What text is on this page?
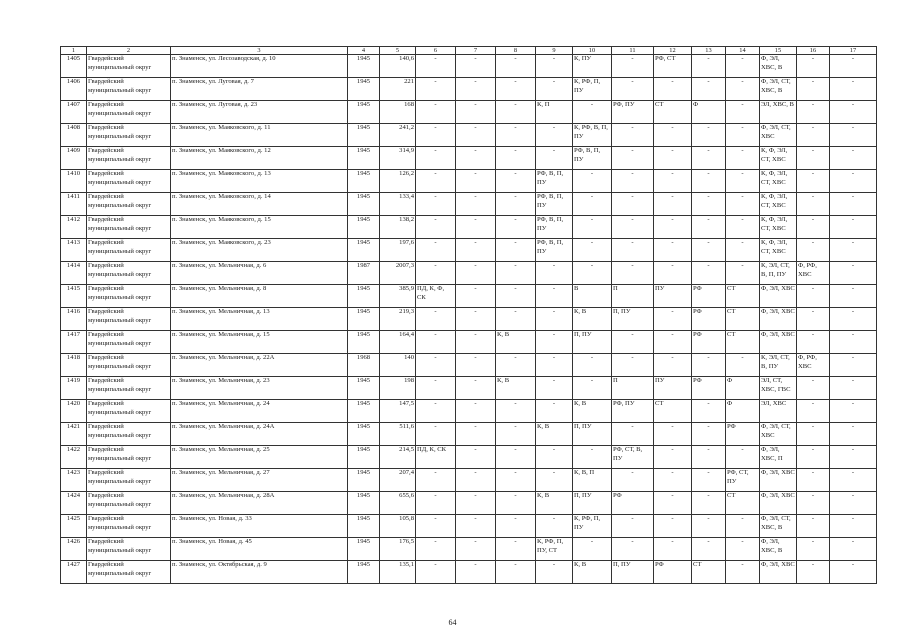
1	2	3	4	5	6	7	8	9	10	11	12	13	14	15	16	17
1405	Гвардейский муниципальный округ	п. Знаменск, ул. Лесозаводская, д. 10	1945	140,6	-	-	-	-	К, ПУ	-	РФ, СТ	-	-	Ф, ЭЛ, ХВС, В	-	-
1406	Гвардейский муниципальный округ	п. Знаменск, ул. Луговая, д. 7	1945	221	-	-	-	-	К, РФ, П, ПУ	-	-	-	-	Ф, ЭЛ, СТ, ХВС, В	-	-
1407	Гвардейский муниципальный округ	п. Знаменск, ул. Луговая, д. 23	1945	168	-	-	-	К, П	-	РФ, ПУ	СТ	Ф	-	ЭЛ, ХВС, В	-	-
1408	Гвардейский муниципальный округ	п. Знаменск, ул. Маяковского, д. 11	1945	241,2	-	-	-	-	К, РФ, В, П, ПУ	-	-	-	-	Ф, ЭЛ, СТ, ХВС	-	-
1409	Гвардейский муниципальный округ	п. Знаменск, ул. Маяковского, д. 12	1945	314,9	-	-	-	-	РФ, В, П, ПУ	-	-	-	-	К, Ф, ЭЛ, СТ, ХВС	-	-
1410	Гвардейский муниципальный округ	п. Знаменск, ул. Маяковского, д. 13	1945	126,2	-	-	-	РФ, В, П, ПУ	-	-	-	-	-	К, Ф, ЭЛ, СТ, ХВС	-	-
1411	Гвардейский муниципальный округ	п. Знаменск, ул. Маяковского, д. 14	1945	133,4	-	-	-	РФ, В, П, ПУ	-	-	-	-	-	К, Ф, ЭЛ, СТ, ХВС	-	-
1412	Гвардейский муниципальный округ	п. Знаменск, ул. Маяковского, д. 15	1945	138,2	-	-	-	РФ, В, П, ПУ	-	-	-	-	-	К, Ф, ЭЛ, СТ, ХВС	-	-
1413	Гвардейский муниципальный округ	п. Знаменск, ул. Маяковского, д. 23	1945	197,6	-	-	-	РФ, В, П, ПУ	-	-	-	-	-	К, Ф, ЭЛ, СТ, ХВС	-	-
1414	Гвардейский муниципальный округ	п. Знаменск, ул. Мельничная, д. 6	1987	2007,3	-	-	-	-	-	-	-	-	-	К, ЭЛ, СТ, В, П, ПУ	Ф, РФ, ХВС	-
1415	Гвардейский муниципальный округ	п. Знаменск, ул. Мельничная, д. 8	1945	385,9	ПД, К, Ф, СК	-	-	-	В	П	ПУ	РФ	СТ	Ф, ЭЛ, ХВС	-	-
1416	Гвардейский муниципальный округ	п. Знаменск, ул. Мельничная, д. 13	1945	219,3	-	-	-	-	К, В	П, ПУ	-	РФ	СТ	Ф, ЭЛ, ХВС	-	-
1417	Гвардейский муниципальный округ	п. Знаменск, ул. Мельничная, д. 15	1945	164,4	-	-	К, В	-	П, ПУ	-	-	РФ	СТ	Ф, ЭЛ, ХВС	-	-
1418	Гвардейский муниципальный округ	п. Знаменск, ул. Мельничная, д. 22А	1968	140	-	-	-	-	-	-	-	-	-	К, ЭЛ, СТ, В, ПУ	Ф, РФ, ХВС	-
1419	Гвардейский муниципальный округ	п. Знаменск, ул. Мельничная, д. 23	1945	198	-	-	К, В	-	-	П	ПУ	РФ	Ф	ЭЛ, СТ, ХВС, ГВС	-	-
1420	Гвардейский муниципальный округ	п. Знаменск, ул. Мельничная, д. 24	1945	147,5	-	-	-	-	К, В	РФ, ПУ	СТ	-	Ф	ЭЛ, ХВС	-	-
1421	Гвардейский муниципальный округ	п. Знаменск, ул. Мельничная, д. 24А	1945	511,6	-	-	-	К, В	П, ПУ	-	-	-	РФ	Ф, ЭЛ, СТ, ХВС	-	-
1422	Гвардейский муниципальный округ	п. Знаменск, ул. Мельничная, д. 25	1945	214,5	ПД, К, СК	-	-	-	-	РФ, СТ, В, ПУ	-	-	-	Ф, ЭЛ, ХВС, П	-	-
1423	Гвардейский муниципальный округ	п. Знаменск, ул. Мельничная, д. 27	1945	207,4	-	-	-	-	К, В, П	-	-	-	РФ, СТ, ПУ	Ф, ЭЛ, ХВС	-	-
1424	Гвардейский муниципальный округ	п. Знаменск, ул. Мельничная, д. 28А	1945	655,6	-	-	-	К, В	П, ПУ	РФ	-	-	СТ	Ф, ЭЛ, ХВС	-	-
1425	Гвардейский муниципальный округ	п. Знаменск, ул. Новая, д. 33	1945	105,8	-	-	-	-	К, РФ, П, ПУ	-	-	-	-	Ф, ЭЛ, СТ, ХВС, В	-	-
1426	Гвардейский муниципальный округ	п. Знаменск, ул. Новая, д. 45	1945	176,5	-	-	-	К, РФ, П, ПУ, СТ	-	-	-	-	-	Ф, ЭЛ, ХВС, В	-	-
1427	Гвардейский муниципальный округ	п. Знаменск, ул. Октябрьская, д. 9	1945	135,1	-	-	-	-	К, В	П, ПУ	РФ	СТ	-	Ф, ЭЛ, ХВС	-	-
64
